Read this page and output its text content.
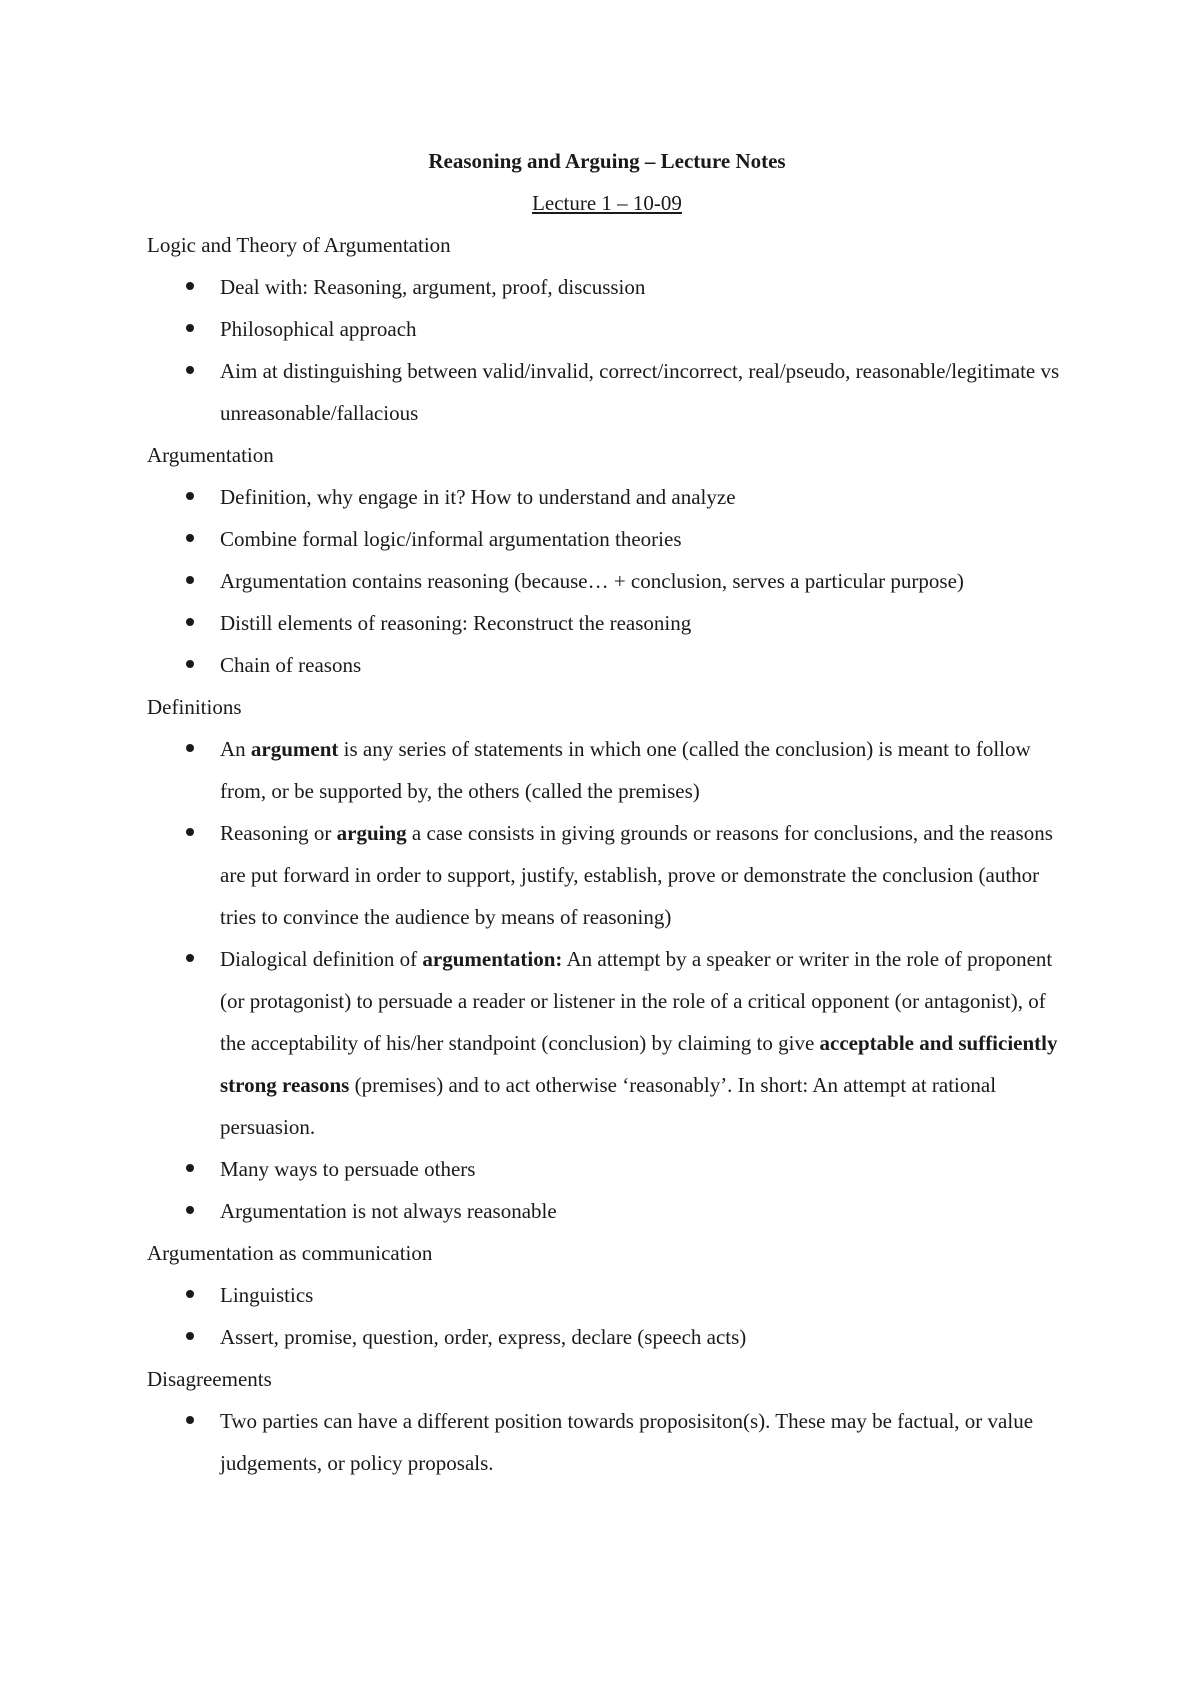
Reasoning and Arguing – Lecture Notes

Lecture 1 – 10-09

Logic and Theory of Argumentation

Deal with: Reasoning, argument, proof, discussion
Philosophical approach
Aim at distinguishing between valid/invalid, correct/incorrect, real/pseudo, reasonable/legitimate vs unreasonable/fallacious

Argumentation

Definition, why engage in it? How to understand and analyze
Combine formal logic/informal argumentation theories
Argumentation contains reasoning (because… + conclusion, serves a particular purpose)
Distill elements of reasoning: Reconstruct the reasoning
Chain of reasons

Definitions

An argument is any series of statements in which one (called the conclusion) is meant to follow from, or be supported by, the others (called the premises)
Reasoning or arguing a case consists in giving grounds or reasons for conclusions, and the reasons are put forward in order to support, justify, establish, prove or demonstrate the conclusion (author tries to convince the audience by means of reasoning)
Dialogical definition of argumentation: An attempt by a speaker or writer in the role of proponent (or protagonist) to persuade a reader or listener in the role of a critical opponent (or antagonist), of the acceptability of his/her standpoint (conclusion) by claiming to give acceptable and sufficiently strong reasons (premises) and to act otherwise ‘reasonably’. In short: An attempt at rational persuasion.
Many ways to persuade others
Argumentation is not always reasonable

Argumentation as communication

Linguistics
Assert, promise, question, order, express, declare (speech acts)

Disagreements

Two parties can have a different position towards proposisiton(s). These may be factual, or value judgements, or policy proposals.
